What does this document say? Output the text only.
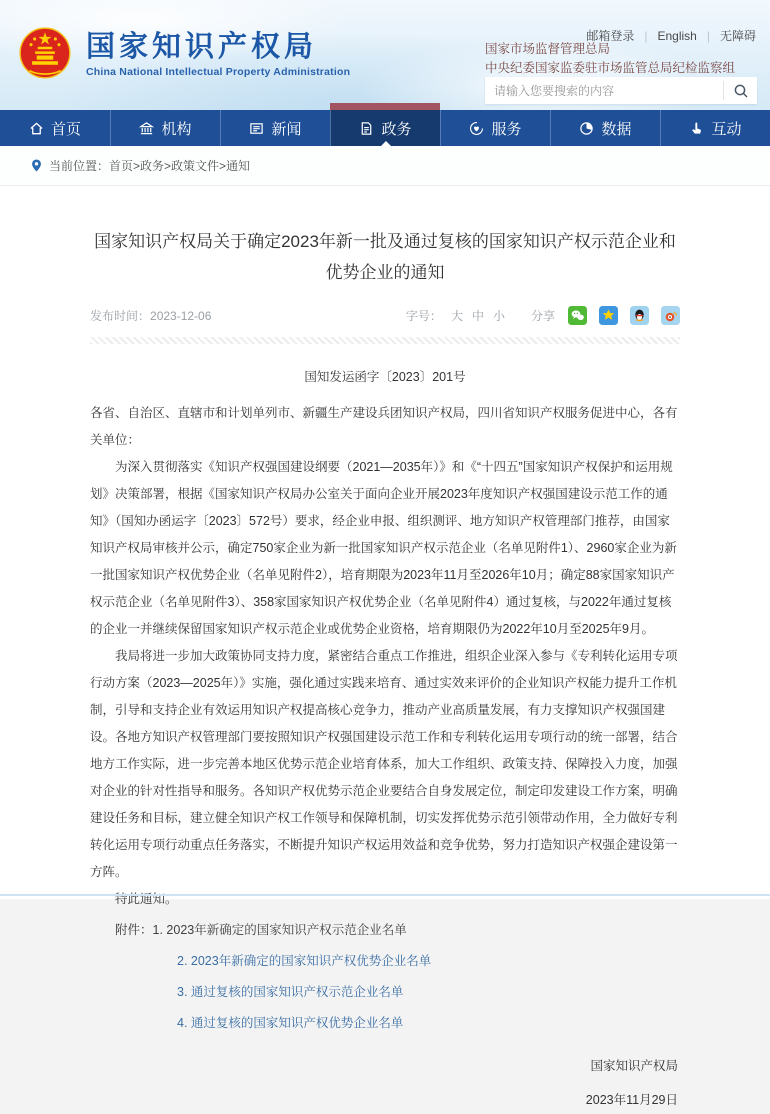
国家知识产权局
China National Intellectual Property Administration
邮箱登录 | English | 无障碍
国家市场监督管理总局
中央纪委国家监委驻市场监管总局纪检监察组
请输入您要搜索的内容
首页	机构	新闻	政务	服务	数据	互动
当前位置： 首页>政务>政策文件>通知
国家知识产权局关于确定2023年新一批及通过复核的国家知识产权示范企业和优势企业的通知
发布时间：2023-12-06	字号： 大 中 小 分享
国知发运函字〔2023〕201号
各省、自治区、直辖市和计划单列市、新疆生产建设兵团知识产权局，四川省知识产权服务促进中心，各有关单位：

为深入贯彻落实《知识产权强国建设纲要（2021—2035年）》和《“十四五”国家知识产权保护和运用规划》决策部署，根据《国家知识产权局办公室关于面向企业开展2023年度知识产权强国建设示范工作的通知》（国知办函运字〔2023〕572号）要求，经企业申报、组织测评、地方知识产权管理部门推荐，由国家知识产权局审核并公示，确定750家企业为新一批国家知识产权示范企业（名单见附件1）、2960家企业为新一批国家知识产权优势企业（名单见附件2），培育期限为2023年11月至2026年10月；确定88家国家知识产权示范企业（名单见附件3）、358家国家知识产权优势企业（名单见附件4）通过复核，与2022年通过复核的企业一并继续保留国家知识产权示范企业或优势企业资格，培育期限仍为2022年10月至2025年9月。

我局将进一步加大政策协同支持力度，紧密结合重点工作推进，组织企业深入参与《专利转化运用专项行动方案（2023—2025年）》实施，强化通过实践来培育、通过实效来评价的企业知识产权能力提升工作机制，引导和支持企业有效运用知识产权提高核心竞争力，推动产业高质量发展，有力支撑知识产权强国建设。各地方知识产权管理部门要按照知识产权强国建设示范工作和专利转化运用专项行动的统一部署，结合地方工作实际，进一步完善本地区优势示范企业培育体系，加大工作组织、政策支持、保障投入力度，加强对企业的针对性指导和服务。各知识产权优势示范企业要结合自身发展定位，制定印发建设工作方案，明确建设任务和目标，建立健全知识产权工作领导和保障机制，切实发挥优势示范引领带动作用，全力做好专利转化运用专项行动重点任务落实，不断提升知识产权运用效益和竞争优势，努力打造知识产权强企建设第一方阵。

特此通知。

附件：1. 2023年新确定的国家知识产权示范企业名单
2. 2023年新确定的国家知识产权优势企业名单
3. 通过复核的国家知识产权示范企业名单
4. 通过复核的国家知识产权优势企业名单
国家知识产权局
2023年11月29日
